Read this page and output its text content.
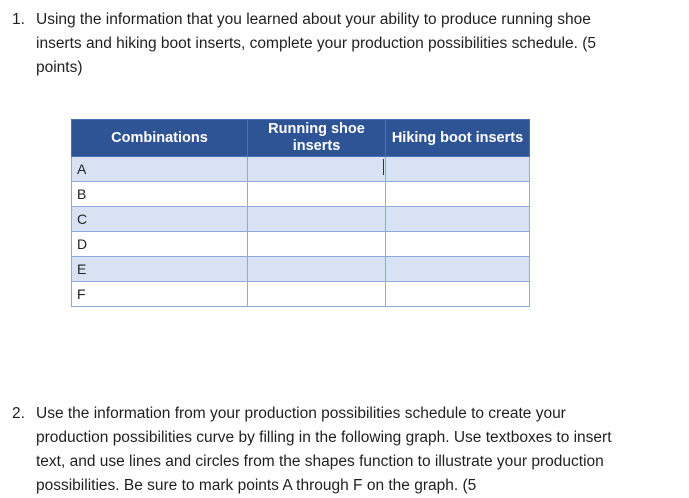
1. Using the information that you learned about your ability to produce running shoe inserts and hiking boot inserts, complete your production possibilities schedule. (5 points)
Combinations	Running shoe inserts	Hiking boot inserts
A		
B		
C		
D		
E		
F		
2. Use the information from your production possibilities schedule to create your production possibilities curve by filling in the following graph. Use textboxes to insert text, and use lines and circles from the shapes function to illustrate your production possibilities. Be sure to mark points A through F on the graph. (5
